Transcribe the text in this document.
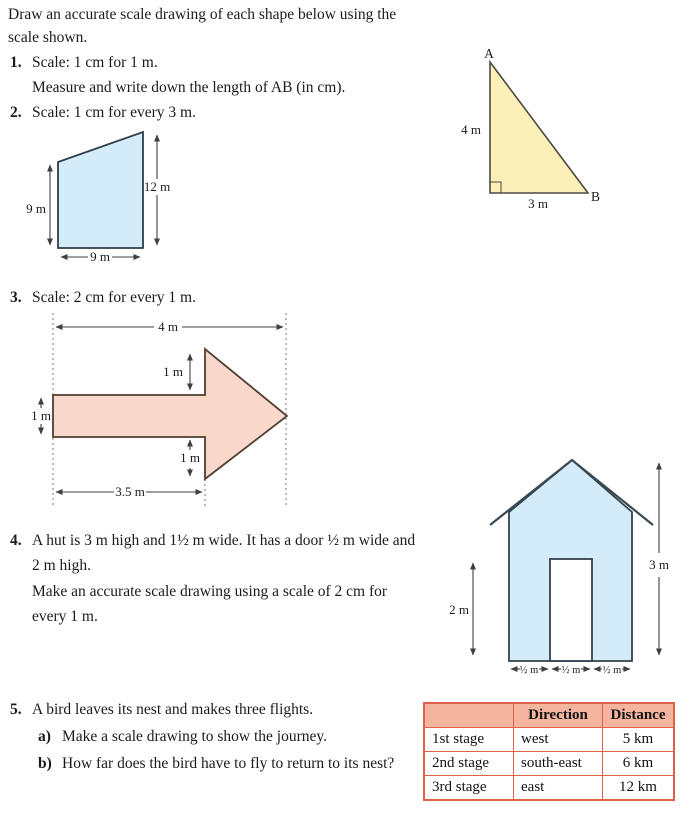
Draw an accurate scale drawing of each shape below using the
scale shown.
1. Scale: 1 cm for 1 m.
Measure and write down the length of AB (in cm).
2. Scale: 1 cm for every 3 m.
A
B
4 m
3 m
9 m
12 m
9 m
3. Scale: 2 cm for every 1 m.
4 m
1 m
1 m
1 m
3.5 m
4. A hut is 3 m high and 1½ m wide. It has a door ½ m wide and
2 m high.
Make an accurate scale drawing using a scale of 2 cm for
every 1 m.	2 m
3 m
½ m ½ m ½ m
5. A bird leaves its nest and makes three flights.
a) Make a scale drawing to show the journey.
b) How far does the bird have to fly to return to its nest?
	Direction	Distance
1st stage	west	5 km
2nd stage	south-east	6 km
3rd stage	east	12 km
